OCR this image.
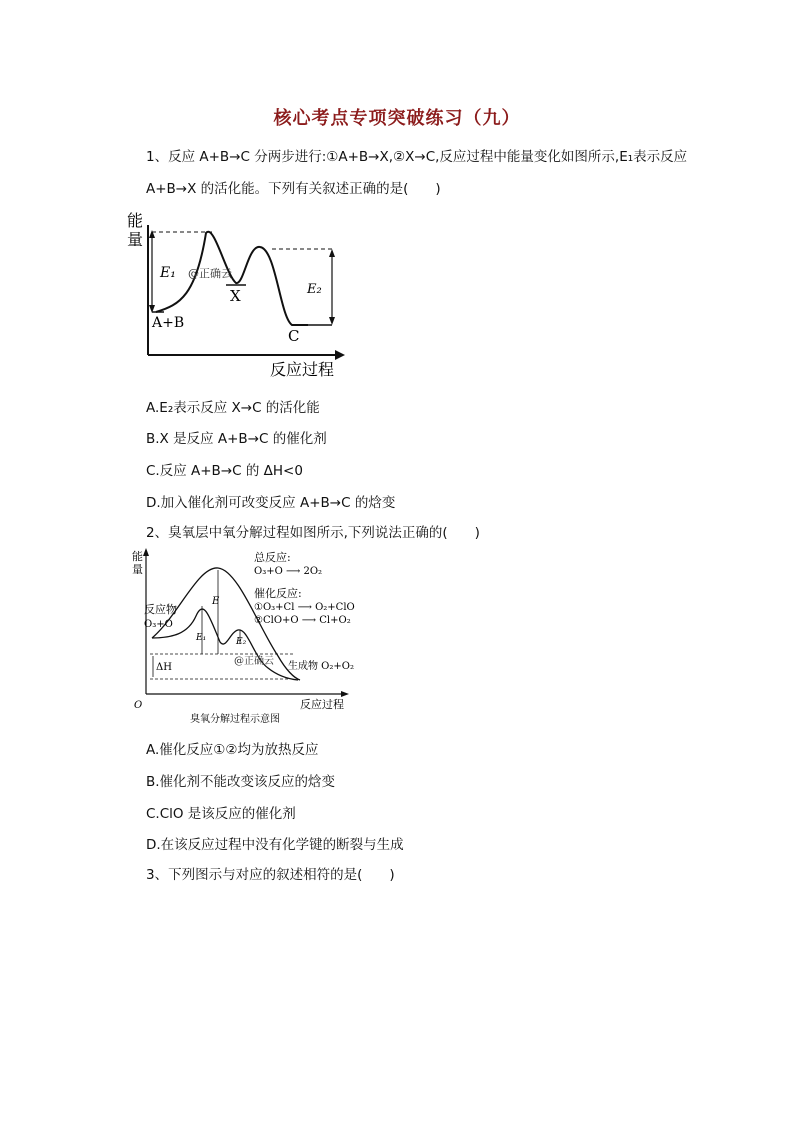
核心考点专项突破练习（九）
1、反应 A+B→C 分两步进行:①A+B→X,②X→C,反应过程中能量变化如图所示,E₁表示反应
A+B→X 的活化能。下列有关叙述正确的是(　　)
能
量
E₁ @正确云
X	E₂
A+B
C
反应过程
A.E₂表示反应 X→C 的活化能
B.X 是反应 A+B→C 的催化剂
C.反应 A+B→C 的 ΔH<0
D.加入催化剂可改变反应 A+B→C 的焓变
2、臭氧层中氧分解过程如图所示,下列说法正确的(　　)
能
量
总反应:
O₃+O ⟶ 2O₂
催化反应:
①O₃+Cl ⟶ O₂+ClO
②ClO+O ⟶ Cl+O₂
反应物
O₃+O
E
E₁	E₂
ΔH
@正确云 生成物 O₂+O₂
O	反应过程
臭氧分解过程示意图
A.催化反应①②均为放热反应
B.催化剂不能改变该反应的焓变
C.ClO 是该反应的催化剂
D.在该反应过程中没有化学键的断裂与生成
3、下列图示与对应的叙述相符的是(　　)
